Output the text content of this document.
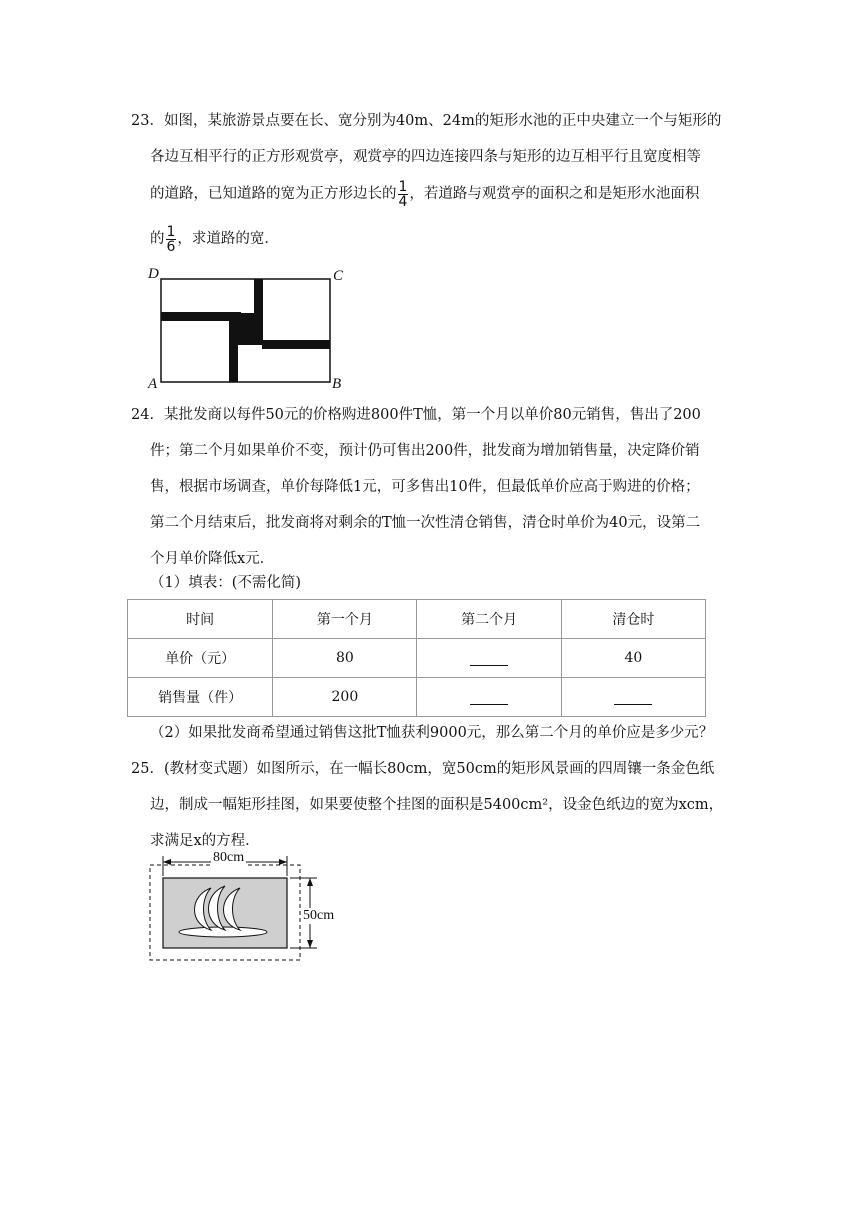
23．如图，某旅游景点要在长、宽分别为40m、24m的矩形水池的正中央建立一个与矩形的
各边互相平行的正方形观赏亭，观赏亭的四边连接四条与矩形的边互相平行且宽度相等
的道路，已知道路的宽为正方形边长的 $\frac{1}{4}$ ，若道路与观赏亭的面积之和是矩形水池面积
的 $\frac{1}{6}$ ，求道路的宽．
D	C
A	B
24．某批发商以每件50元的价格购进800件T恤，第一个月以单价80元销售，售出了200
件；第二个月如果单价不变，预计仍可售出200件，批发商为增加销售量，决定降价销
售，根据市场调查，单价每降低1元，可多售出10件，但最低单价应高于购进的价格；
第二个月结束后，批发商将对剩余的T恤一次性清仓销售，清仓时单价为40元，设第二
个月单价降低x元．
（1）填表：(不需化简)
时间	第一个月	第二个月	清仓时
单价（元）	80		40
销售量（件）	200		
（2）如果批发商希望通过销售这批T恤获利9000元，那么第二个月的单价应是多少元？
25．(教材变式题）如图所示，在一幅长80cm，宽50cm的矩形风景画的四周镶一条金色纸
边，制成一幅矩形挂图，如果要使整个挂图的面积是5400cm²，设金色纸边的宽为xcm，
求满足x的方程．
80cm
50cm
